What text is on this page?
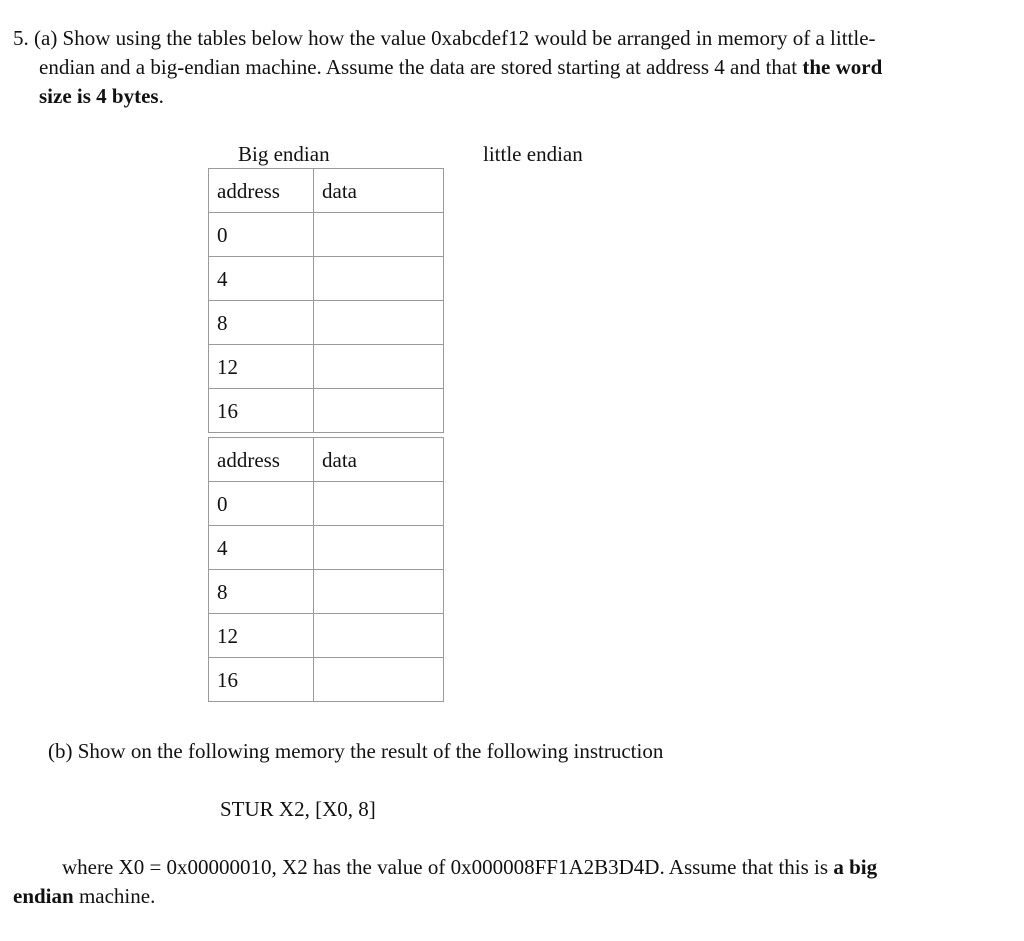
5. (a) Show using the tables below how the value 0xabcdef12 would be arranged in memory of a little-
endian and a big-endian machine. Assume the data are stored starting at address 4 and that the word
size is 4 bytes.
Big endian	little endian
address	data
0	
4	
8	
12	
16	
address	data
0	
4	
8	
12	
16	
(b) Show on the following memory the result of the following instruction
STUR X2, [X0, 8]
where X0 = 0x00000010, X2 has the value of 0x000008FF1A2B3D4D. Assume that this is a big
endian machine.
